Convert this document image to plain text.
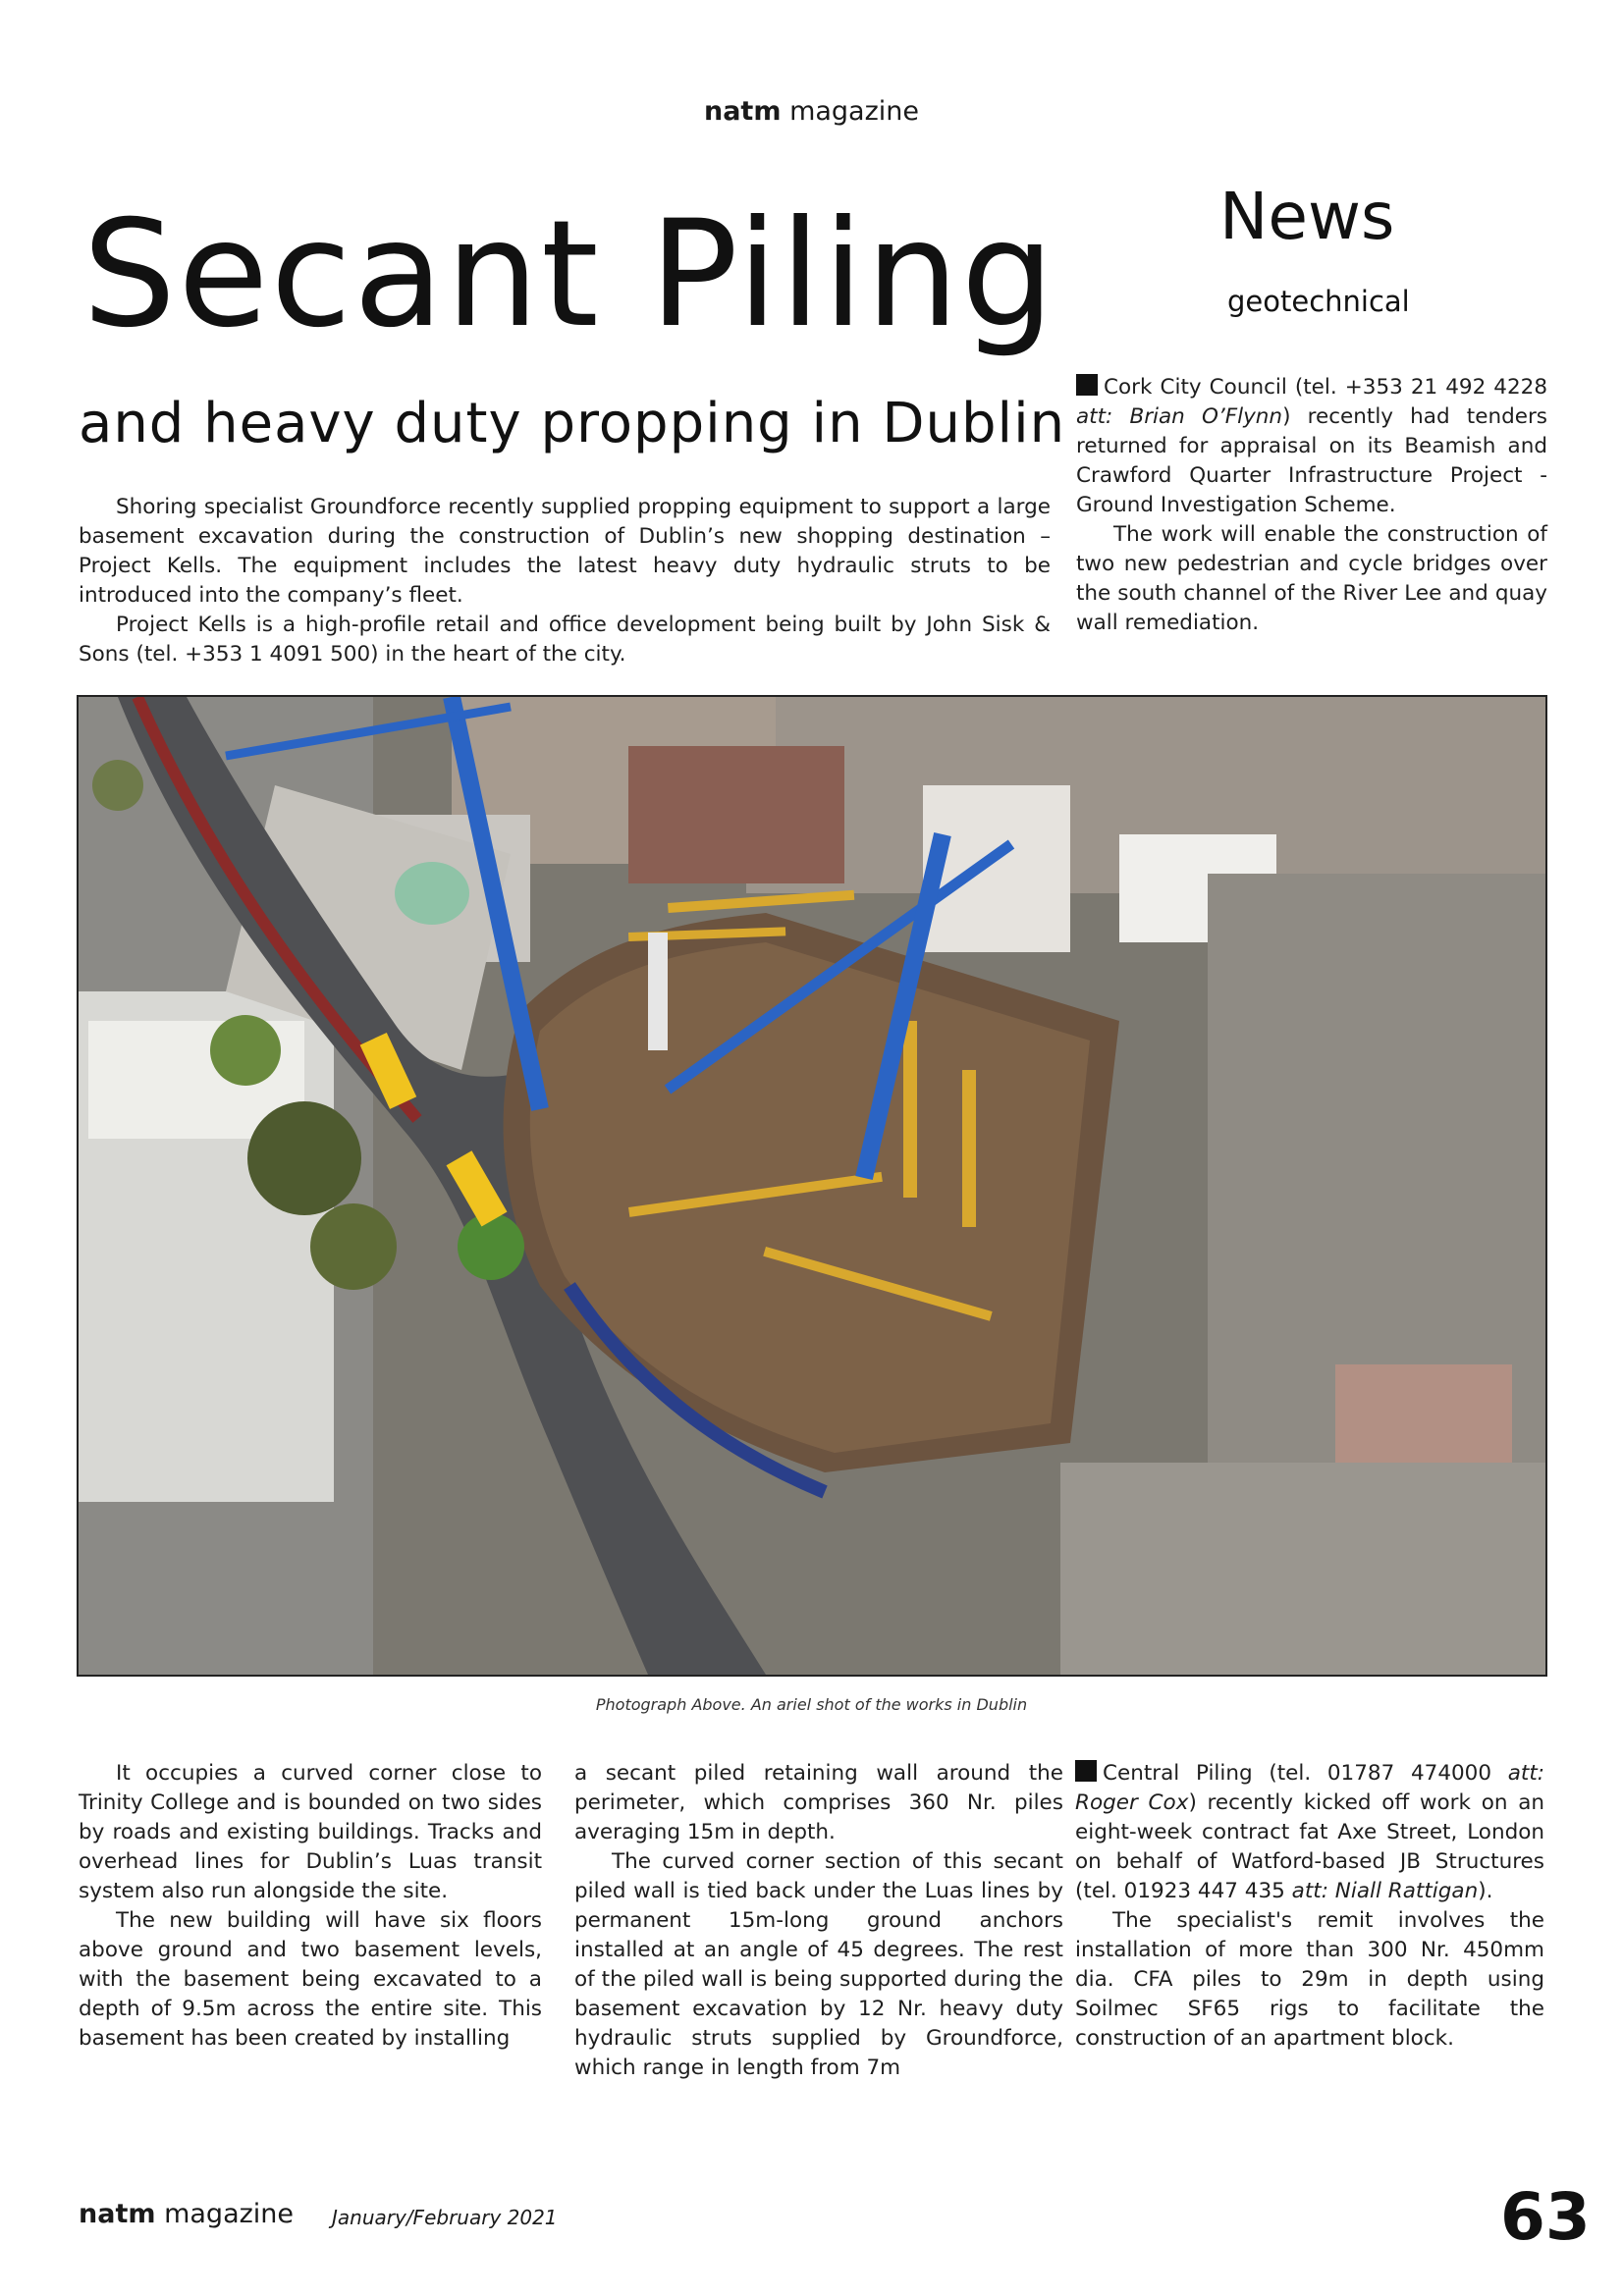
natm magazine
Secant Piling
and heavy duty propping in Dublin
News
geotechnical

Shoring specialist Groundforce recently supplied propping equipment to support a large basement excavation during the construction of Dublin’s new shopping destination – Project Kells. The equipment includes the latest heavy duty hydraulic struts to be introduced into the company’s fleet.

Project Kells is a high-profile retail and office development being built by John Sisk & Sons (tel. +353 1 4091 500) in the heart of the city.

Cork City Council (tel. +353 21 492 4228 att: Brian O’Flynn) recently had tenders returned for appraisal on its Beamish and Crawford Quarter Infrastructure Project - Ground Investigation Scheme.

The work will enable the construction of two new pedestrian and cycle bridges over the south channel of the River Lee and quay wall remediation.

Photograph Above. An ariel shot of the works in Dublin

It occupies a curved corner close to Trinity College and is bounded on two sides by roads and existing buildings. Tracks and overhead lines for Dublin’s Luas transit system also run alongside the site.

The new building will have six floors above ground and two basement levels, with the basement being excavated to a depth of 9.5m across the entire site. This basement has been created by installing

a secant piled retaining wall around the perimeter, which comprises 360 Nr. piles averaging 15m in depth.

The curved corner section of this secant piled wall is tied back under the Luas lines by permanent 15m-long ground anchors installed at an angle of 45 degrees. The rest of the piled wall is being supported during the basement excavation by 12 Nr. heavy duty hydraulic struts supplied by Groundforce, which range in length from 7m

Central Piling (tel. 01787 474000 att: Roger Cox) recently kicked off work on an eight-week contract fat Axe Street, London on behalf of Watford-based JB Structures (tel. 01923 447 435 att: Niall Rattigan).

The specialist's remit involves the installation of more than 300 Nr. 450mm dia. CFA piles to 29m in depth using Soilmec SF65 rigs to facilitate the construction of an apartment block.

natm magazine January/February 2021	63
